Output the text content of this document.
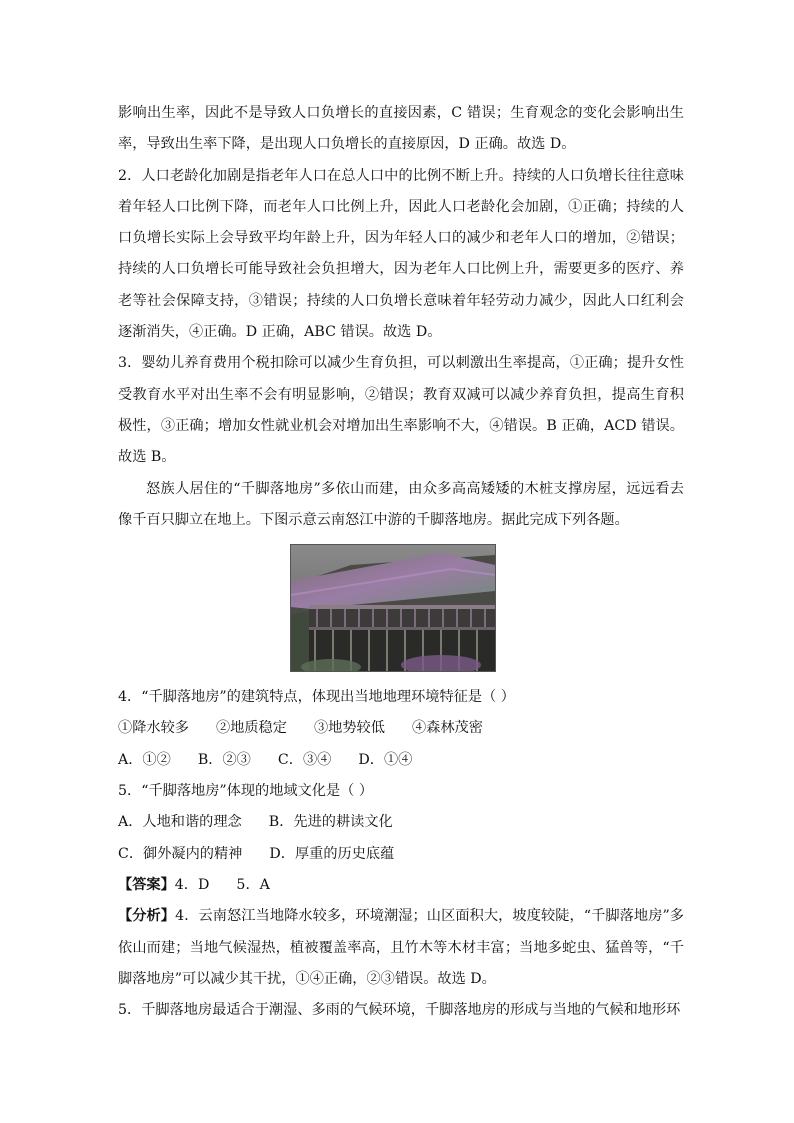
影响出生率，因此不是导致人口负增长的直接因素，C 错误；生育观念的变化会影响出生率，导致出生率下降，是出现人口负增长的直接原因，D 正确。故选 D。

2．人口老龄化加剧是指老年人口在总人口中的比例不断上升。持续的人口负增长往往意味着年轻人口比例下降，而老年人口比例上升，因此人口老龄化会加剧，①正确；持续的人口负增长实际上会导致平均年龄上升，因为年轻人口的减少和老年人口的增加，②错误；持续的人口负增长可能导致社会负担增大，因为老年人口比例上升，需要更多的医疗、养老等社会保障支持，③错误；持续的人口负增长意味着年轻劳动力减少，因此人口红利会逐渐消失，④正确。D 正确，ABC 错误。故选 D。

3．婴幼儿养育费用个税扣除可以减少生育负担，可以刺激出生率提高，①正确；提升女性受教育水平对出生率不会有明显影响，②错误；教育双减可以减少养育负担，提高生育积极性，③正确；增加女性就业机会对增加出生率影响不大，④错误。B 正确，ACD 错误。故选 B。

怒族人居住的“千脚落地房”多依山而建，由众多高高矮矮的木桩支撑房屋，远远看去像千百只脚立在地上。下图示意云南怒江中游的千脚落地房。据此完成下列各题。

4．“千脚落地房”的建筑特点，体现出当地地理环境特征是（ ）

①降水较多      ②地质稳定      ③地势较低      ④森林茂密

A．①②      B．②③      C．③④      D．①④

5．“千脚落地房”体现的地域文化是（ ）

A．人地和谐的理念      B．先进的耕读文化

C．御外凝内的精神      D．厚重的历史底蕴

【答案】4．D      5．A

【分析】4．云南怒江当地降水较多，环境潮湿；山区面积大，坡度较陡，“千脚落地房”多依山而建；当地气候湿热，植被覆盖率高，且竹木等木材丰富；当地多蛇虫、猛兽等，“千脚落地房”可以减少其干扰，①④正确，②③错误。故选 D。

5．千脚落地房最适合于潮湿、多雨的气候环境，千脚落地房的形成与当地的气候和地形环
